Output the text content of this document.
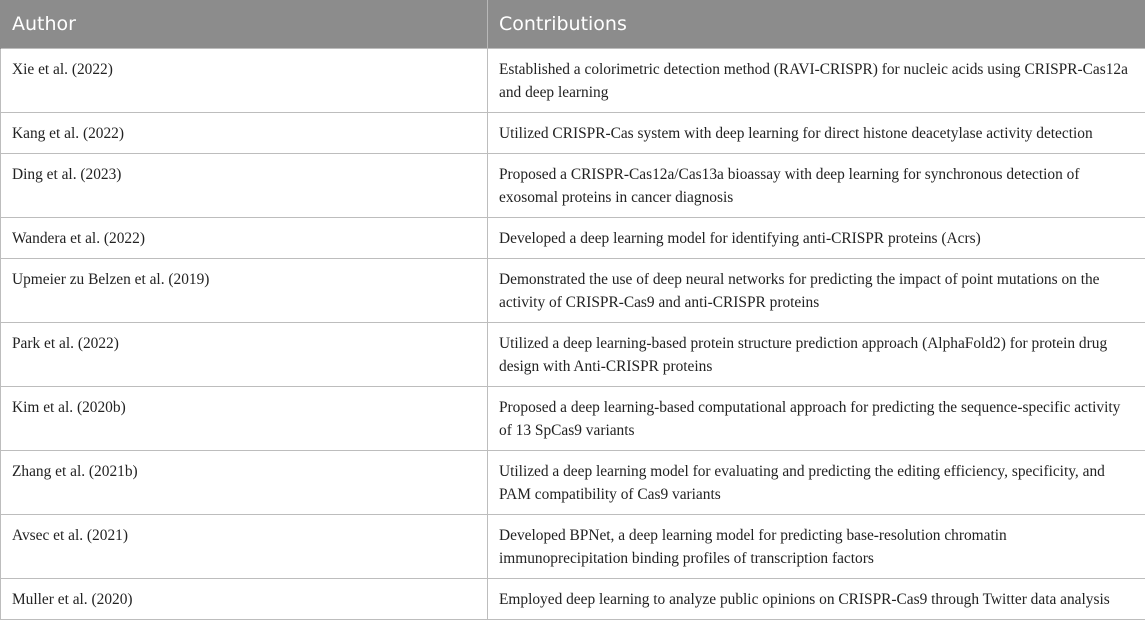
Author	Contributions
Xie et al. (2022)	Established a colorimetric detection method (RAVI-CRISPR) for nucleic acids using CRISPR-Cas12a and deep learning
Kang et al. (2022)	Utilized CRISPR-Cas system with deep learning for direct histone deacetylase activity detection
Ding et al. (2023)	Proposed a CRISPR-Cas12a/Cas13a bioassay with deep learning for synchronous detection of exosomal proteins in cancer diagnosis
Wandera et al. (2022)	Developed a deep learning model for identifying anti-CRISPR proteins (Acrs)
Upmeier zu Belzen et al. (2019)	Demonstrated the use of deep neural networks for predicting the impact of point mutations on the activity of CRISPR-Cas9 and anti-CRISPR proteins
Park et al. (2022)	Utilized a deep learning-based protein structure prediction approach (AlphaFold2) for protein drug design with Anti-CRISPR proteins
Kim et al. (2020b)	Proposed a deep learning-based computational approach for predicting the sequence-specific activity of 13 SpCas9 variants
Zhang et al. (2021b)	Utilized a deep learning model for evaluating and predicting the editing efficiency, specificity, and PAM compatibility of Cas9 variants
Avsec et al. (2021)	Developed BPNet, a deep learning model for predicting base-resolution chromatin immunoprecipitation binding profiles of transcription factors
Muller et al. (2020)	Employed deep learning to analyze public opinions on CRISPR-Cas9 through Twitter data analysis
